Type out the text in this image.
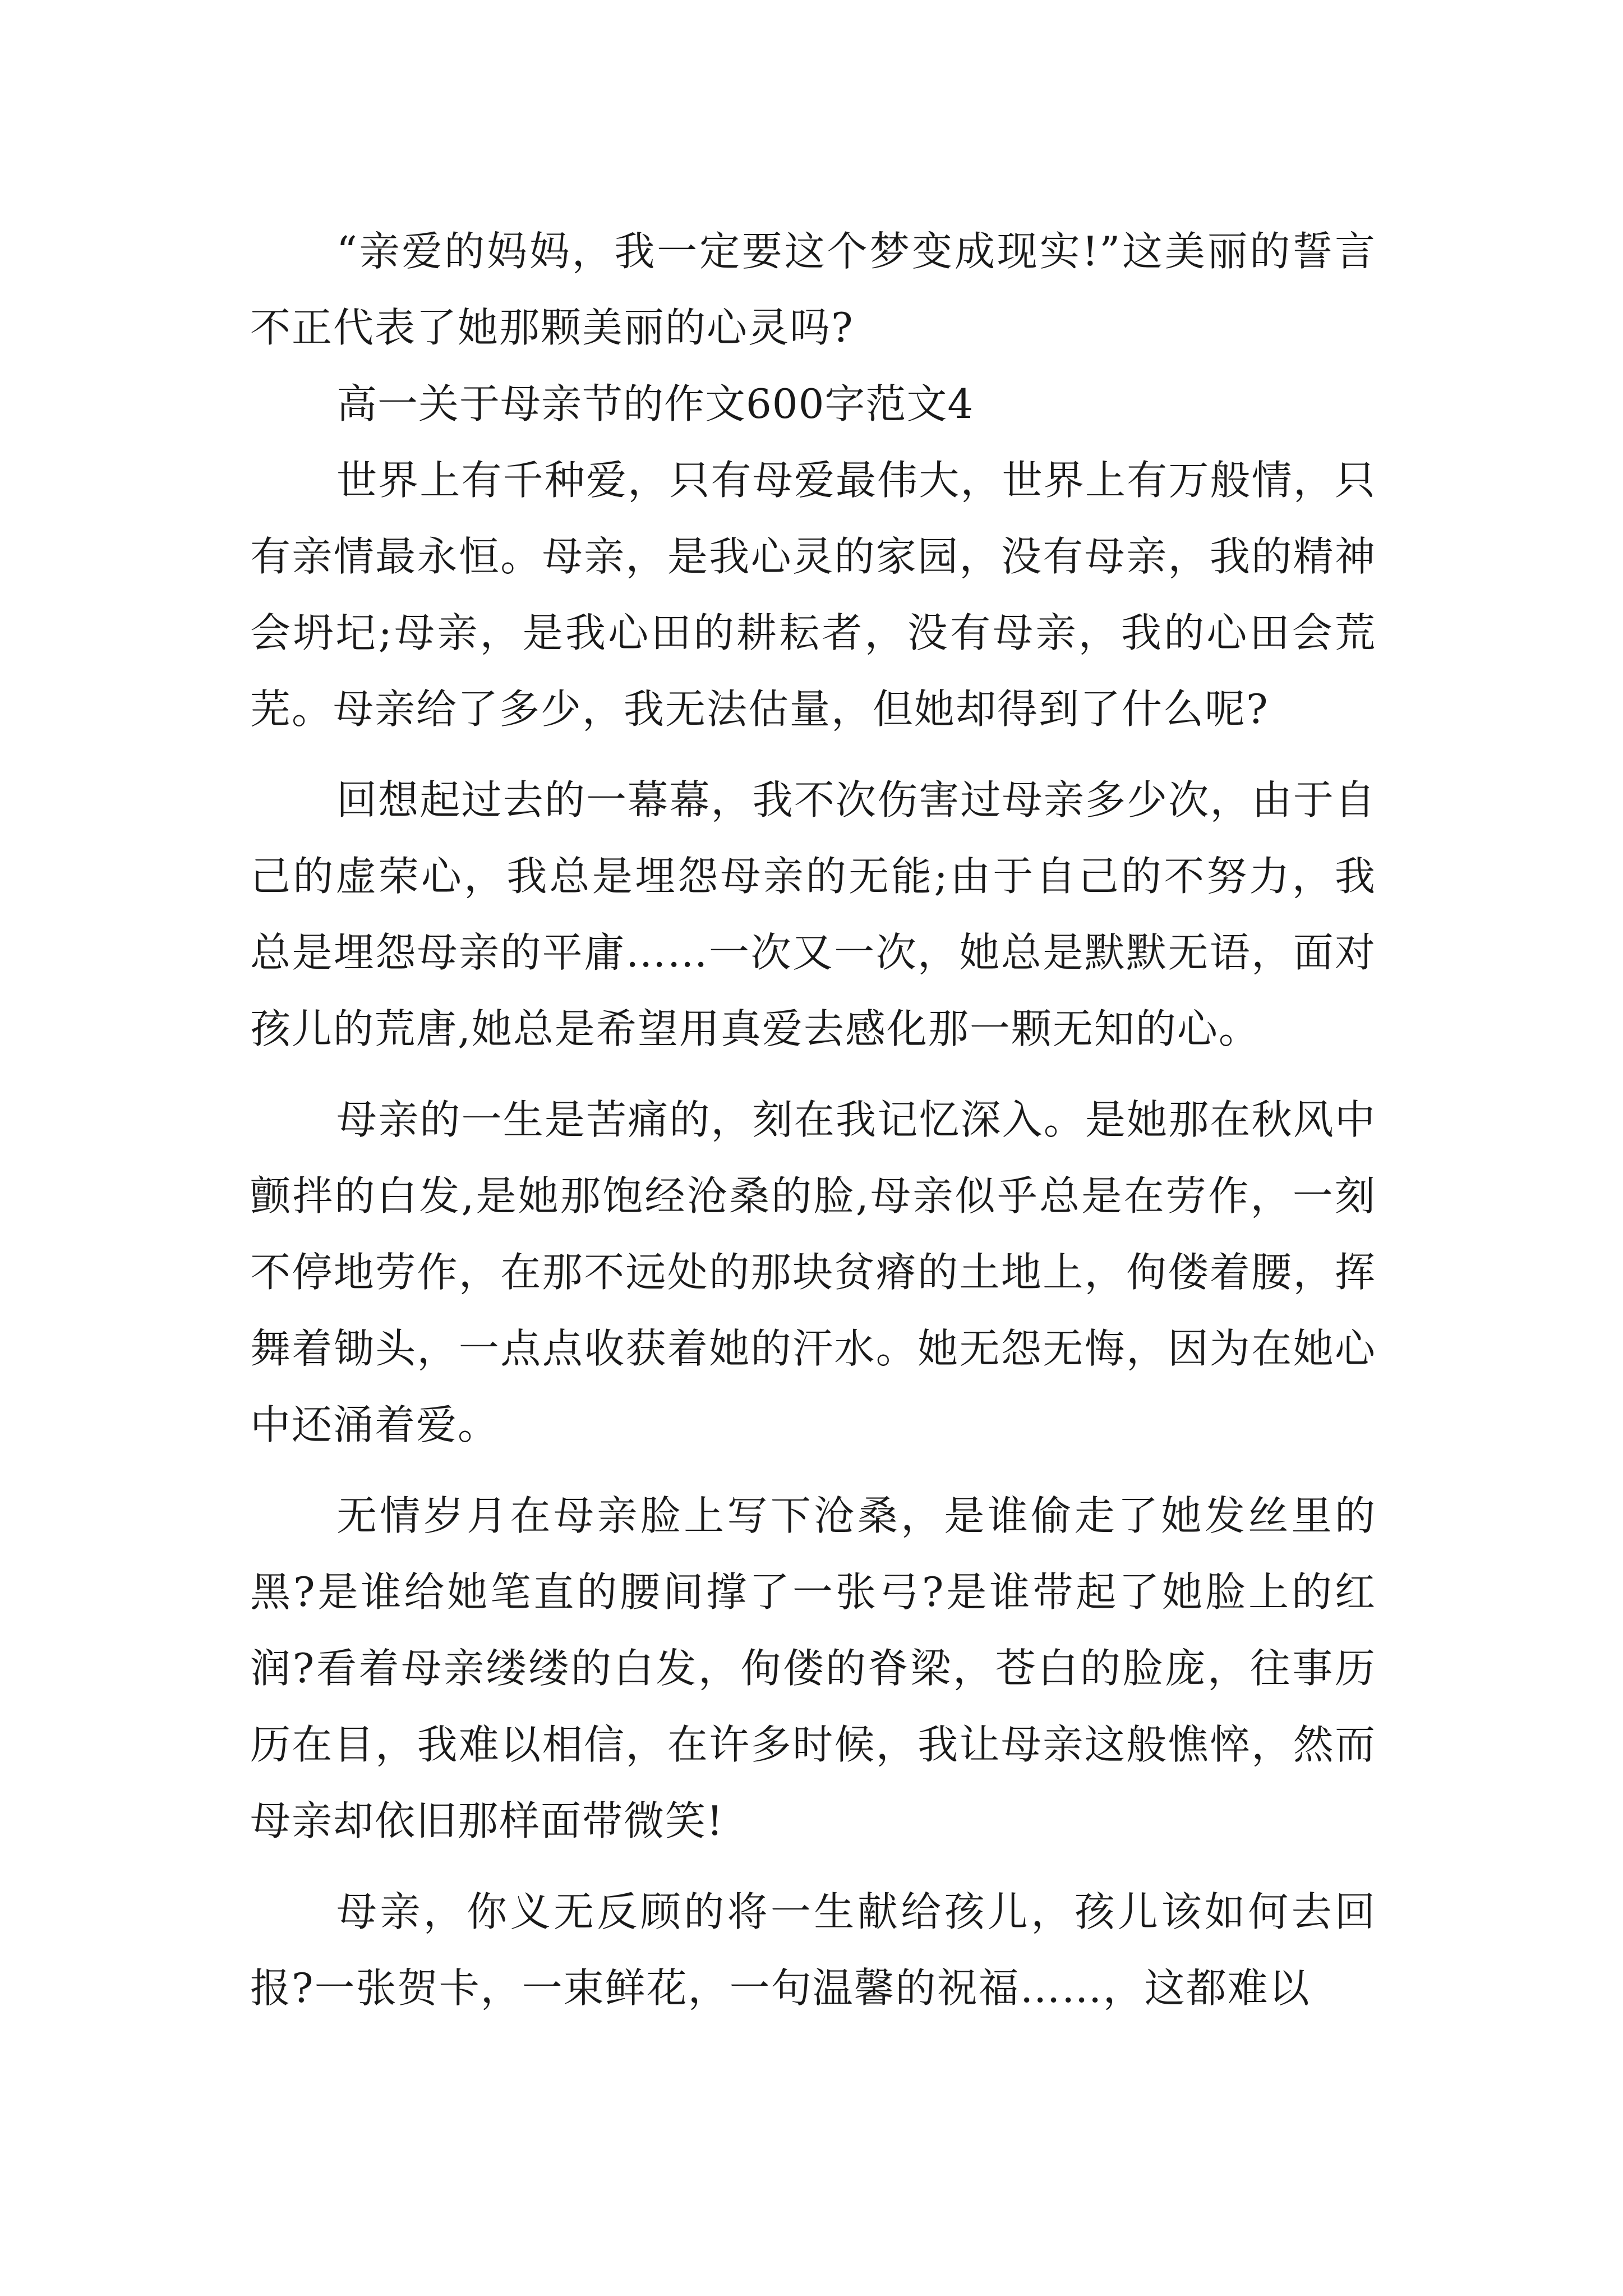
“亲爱的妈妈，我一定要这个梦变成现实!”这美丽的誓言不正代表了她那颗美丽的心灵吗?

高一关于母亲节的作文600字范文4

世界上有千种爱，只有母爱最伟大，世界上有万般情，只有亲情最永恒。母亲，是我心灵的家园，没有母亲，我的精神会坍圮;母亲，是我心田的耕耘者，没有母亲，我的心田会荒芜。母亲给了多少，我无法估量，但她却得到了什么呢?

回想起过去的一幕幕，我不次伤害过母亲多少次，由于自己的虚荣心，我总是埋怨母亲的无能;由于自己的不努力，我总是埋怨母亲的平庸……一次又一次，她总是默默无语，面对孩儿的荒唐,她总是希望用真爱去感化那一颗无知的心。

母亲的一生是苦痛的，刻在我记忆深入。是她那在秋风中颤拌的白发,是她那饱经沧桑的脸,母亲似乎总是在劳作，一刻不停地劳作，在那不远处的那块贫瘠的土地上，佝偻着腰，挥舞着锄头，一点点收获着她的汗水。她无怨无悔，因为在她心中还涌着爱。

无情岁月在母亲脸上写下沧桑，是谁偷走了她发丝里的黑?是谁给她笔直的腰间撑了一张弓?是谁带起了她脸上的红润?看着母亲缕缕的白发，佝偻的脊梁，苍白的脸庞，往事历历在目，我难以相信，在许多时候，我让母亲这般憔悴，然而母亲却依旧那样面带微笑!

母亲，你义无反顾的将一生献给孩儿，孩儿该如何去回报?一张贺卡，一束鲜花，一句温馨的祝福……，这都难以
